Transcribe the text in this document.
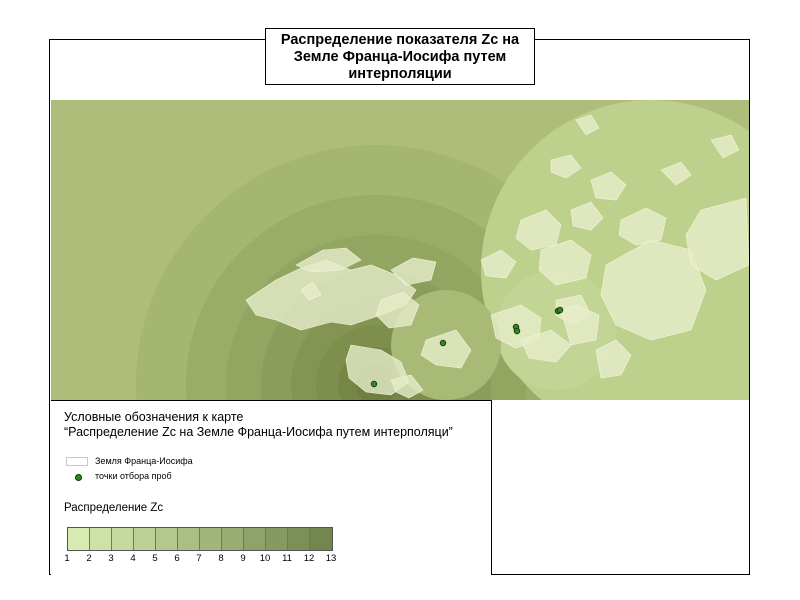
Распределение показателя Zc на
Земле Франца-Иосифа путем
интерполяции
Условные обозначения к карте
“Распределение Zc на Земле Франца-Иосифа путем интерполяци”
Земля Франца-Иосифа
точки отбора проб
Распределение Zc
1 2 3 4 5 6 7 8 9 10 11 12 13
